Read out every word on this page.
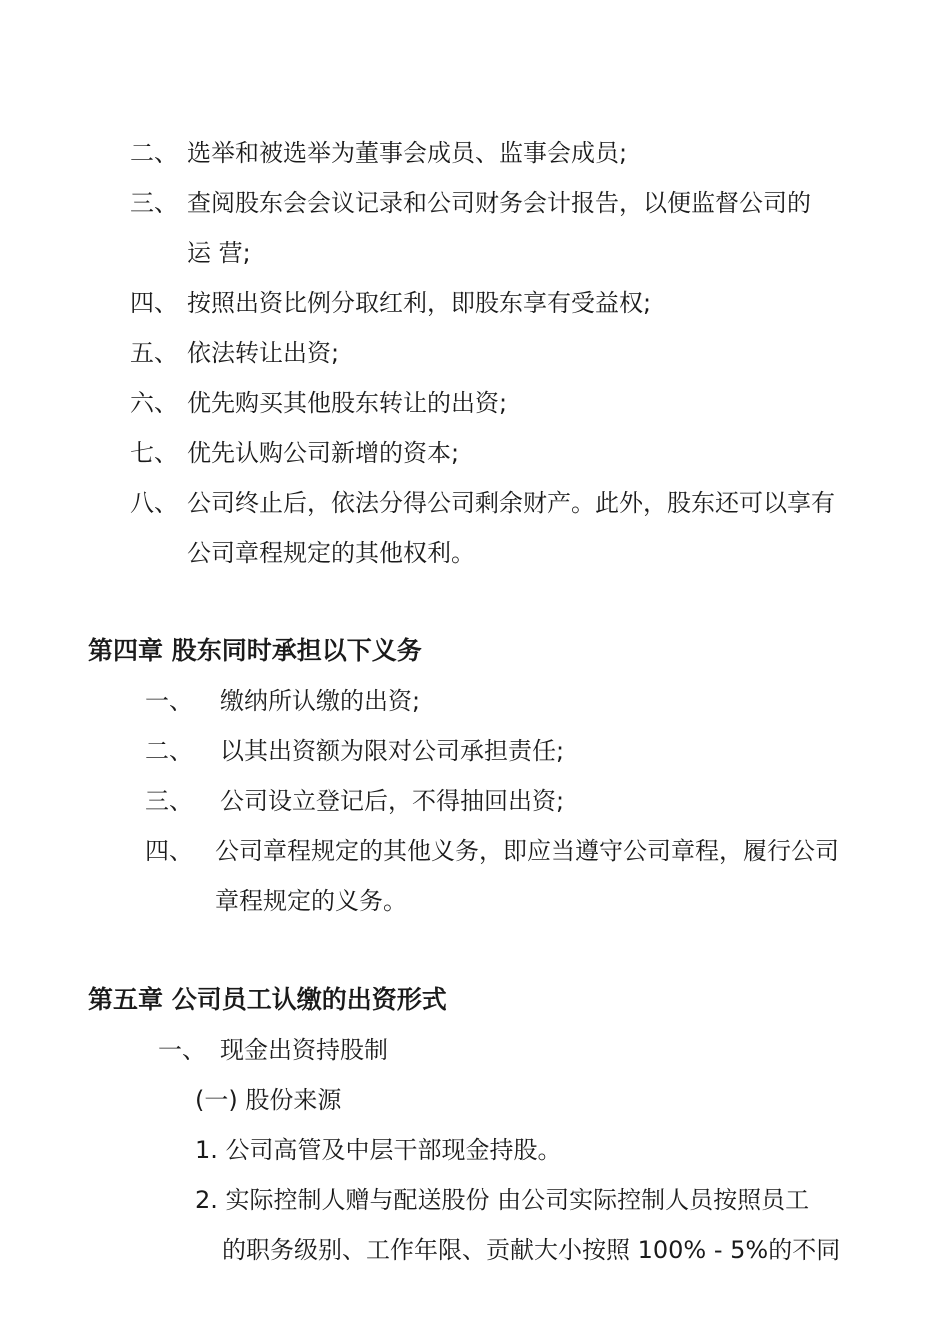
二、 选举和被选举为董事会成员、监事会成员;
三、 查阅股东会会议记录和公司财务会计报告，以便监督公司的
运 营;
四、 按照出资比例分取红利，即股东享有受益权;
五、 依法转让出资;
六、 优先购买其他股东转让的出资;
七、 优先认购公司新增的资本;
八、 公司终止后，依法分得公司剩余财产。此外，股东还可以享有
公司章程规定的其他权利。
第四章 股东同时承担以下义务
一、 缴纳所认缴的出资;
二、 以其出资额为限对公司承担责任;
三、 公司设立登记后，不得抽回出资;
四、 公司章程规定的其他义务，即应当遵守公司章程，履行公司
章程规定的义务。
第五章 公司员工认缴的出资形式
一、 现金出资持股制
(一) 股份来源
1. 公司高管及中层干部现金持股。
2. 实际控制人赠与配送股份 由公司实际控制人员按照员工
的职务级别、工作年限、贡献大小按照 100% - 5%的不同
